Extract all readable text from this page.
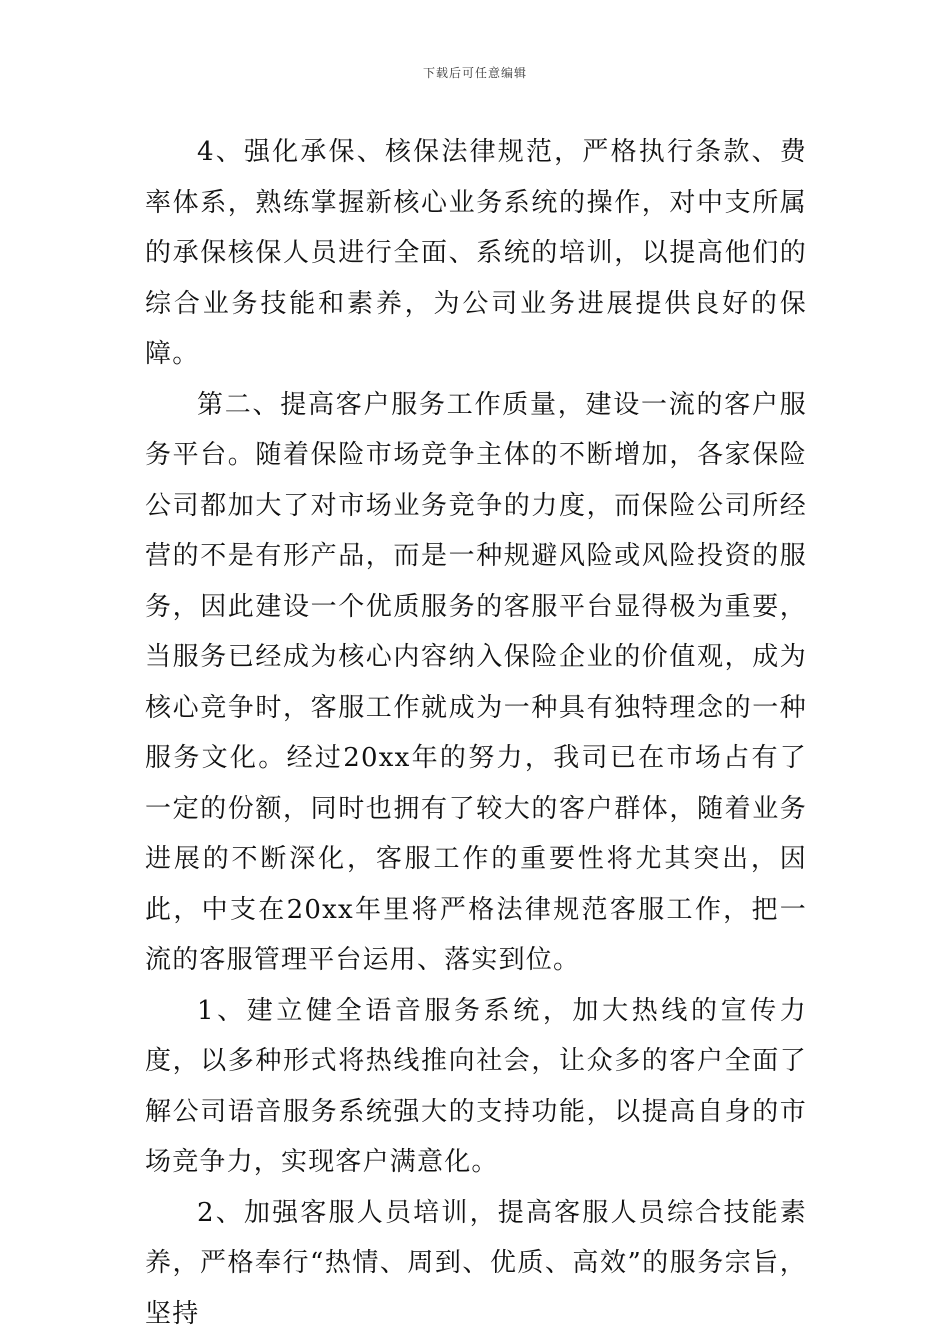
下载后可任意编辑

4、强化承保、核保法律规范，严格执行条款、费率体系，熟练掌握新核心业务系统的操作，对中支所属的承保核保人员进行全面、系统的培训，以提高他们的综合业务技能和素养，为公司业务进展提供良好的保障。

第二、提高客户服务工作质量，建设一流的客户服务平台。随着保险市场竞争主体的不断增加，各家保险公司都加大了对市场业务竞争的力度，而保险公司所经营的不是有形产品，而是一种规避风险或风险投资的服务，因此建设一个优质服务的客服平台显得极为重要，当服务已经成为核心内容纳入保险企业的价值观，成为核心竞争时，客服工作就成为一种具有独特理念的一种服务文化。经过20xx年的努力，我司已在市场占有了一定的份额，同时也拥有了较大的客户群体，随着业务进展的不断深化，客服工作的重要性将尤其突出，因此，中支在20xx年里将严格法律规范客服工作，把一流的客服管理平台运用、落实到位。

1、建立健全语音服务系统，加大热线的宣传力度，以多种形式将热线推向社会，让众多的客户全面了解公司语音服务系统强大的支持功能，以提高自身的市场竞争力，实现客户满意化。

2、加强客服人员培训，提高客服人员综合技能素养，严格奉行“热情、周到、优质、高效”的服务宗旨，坚持
